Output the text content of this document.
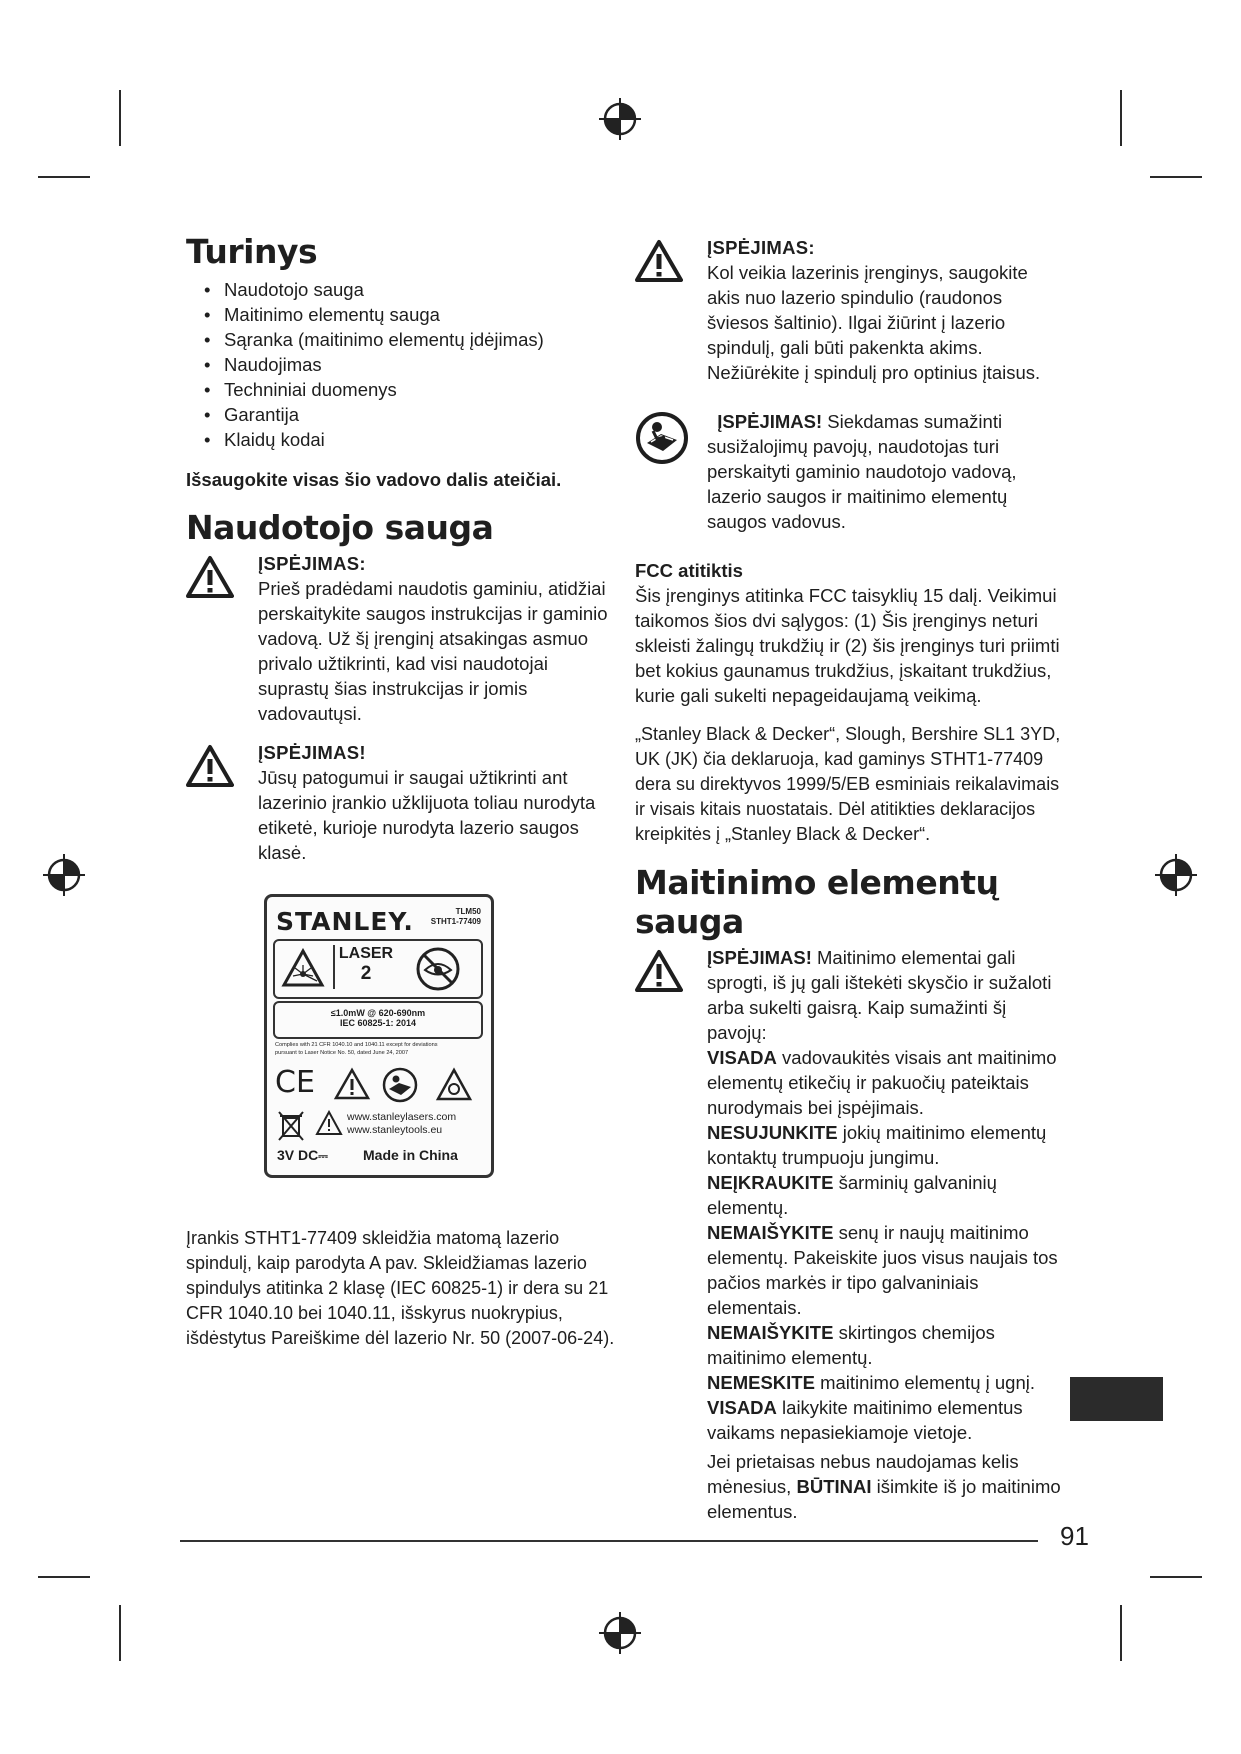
Turinys
• Naudotojo sauga
• Maitinimo elementų sauga
• Sąranka (maitinimo elementų įdėjimas)
• Naudojimas
• Techniniai duomenys
• Garantija
• Klaidų kodai

Išsaugokite visas šio vadovo dalis ateičiai.

Naudotojo sauga

ĮSPĖJIMAS:

Prieš pradėdami naudotis gaminiu, atidžiai perskaitykite saugos instrukcijas ir gaminio vadovą. Už šį įrenginį atsakingas asmuo privalo užtikrinti, kad visi naudotojai suprastų šias instrukcijas ir jomis vadovautųsi.

ĮSPĖJIMAS!

Jūsų patogumui ir saugai užtikrinti ant lazerinio įrankio užklijuota toliau nurodyta etiketė, kurioje nurodyta lazerio saugos klasė.

STANLEY.	TLM50
STHT1-77409
LASER
2
≤1.0mW @ 620-690nm
IEC 60825-1: 2014
Complies with 21 CFR 1040.10 and 1040.11 except for deviations
pursuant to Laser Notice No. 50, dated June 24, 2007
CE
www.stanleylasers.com
www.stanleytools.eu
3V DC⎓	Made in China

Įrankis STHT1-77409 skleidžia matomą lazerio spindulį, kaip parodyta A pav. Skleidžiamas lazerio spindulys atitinka 2 klasę (IEC 60825-1) ir dera su 21 CFR 1040.10 bei 1040.11, išskyrus nuokrypius, išdėstytus Pareiškime dėl lazerio Nr. 50 (2007-06-24).

ĮSPĖJIMAS:

Kol veikia lazerinis įrenginys, saugokite akis nuo lazerio spindulio (raudonos šviesos šaltinio). Ilgai žiūrint į lazerio spindulį, gali būti pakenkta akims. Nežiūrėkite į spindulį pro optinius įtaisus.

ĮSPĖJIMAS! Siekdamas sumažinti susižalojimų pavojų, naudotojas turi perskaityti gaminio naudotojo vadovą, lazerio saugos ir maitinimo elementų saugos vadovus.

FCC atitiktis

Šis įrenginys atitinka FCC taisyklių 15 dalį. Veikimui taikomos šios dvi sąlygos: (1) Šis įrenginys neturi skleisti žalingų trukdžių ir (2) šis įrenginys turi priimti bet kokius gaunamus trukdžius, įskaitant trukdžius, kurie gali sukelti nepageidaujamą veikimą.

„Stanley Black & Decker“, Slough, Bershire SL1 3YD, UK (JK) čia deklaruoja, kad gaminys STHT1-77409 dera su direktyvos 1999/5/EB esminiais reikalavimais ir visais kitais nuostatais. Dėl atitikties deklaracijos kreipkitės į „Stanley Black & Decker“.

Maitinimo elementų sauga

ĮSPĖJIMAS! Maitinimo elementai gali sprogti, iš jų gali ištekėti skysčio ir sužaloti arba sukelti gaisrą. Kaip sumažinti šį pavojų:

VISADA vadovaukitės visais ant maitinimo elementų etikečių ir pakuočių pateiktais nurodymais bei įspėjimais.

NESUJUNKITE jokių maitinimo elementų kontaktų trumpuoju jungimu.

NEĮKRAUKITE šarminių galvaninių elementų.

NEMAIŠYKITE senų ir naujų maitinimo elementų. Pakeiskite juos visus naujais tos pačios markės ir tipo galvaniniais elementais.

NEMAIŠYKITE skirtingos chemijos maitinimo elementų.

NEMESKITE maitinimo elementų į ugnį.

VISADA laikykite maitinimo elementus vaikams nepasiekiamoje vietoje.

Jei prietaisas nebus naudojamas kelis mėnesius, BŪTINAI išimkite iš jo maitinimo elementus.

91
